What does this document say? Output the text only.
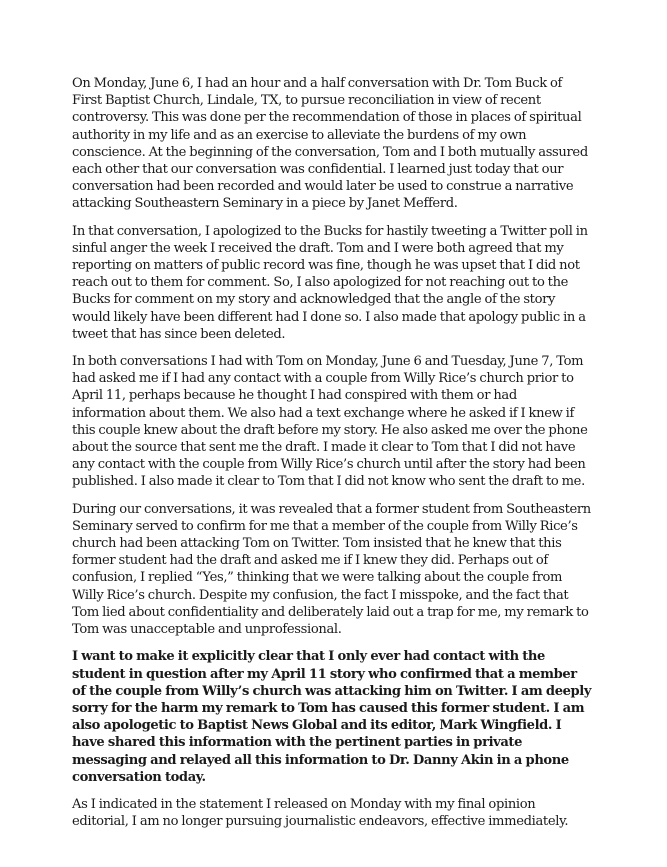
On Monday, June 6, I had an hour and a half conversation with Dr. Tom Buck of First Baptist Church, Lindale, TX, to pursue reconciliation in view of recent controversy. This was done per the recommendation of those in places of spiritual authority in my life and as an exercise to alleviate the burdens of my own conscience. At the beginning of the conversation, Tom and I both mutually assured each other that our conversation was confidential. I learned just today that our conversation had been recorded and would later be used to construe a narrative attacking Southeastern Seminary in a piece by Janet Mefferd.

In that conversation, I apologized to the Bucks for hastily tweeting a Twitter poll in sinful anger the week I received the draft. Tom and I were both agreed that my reporting on matters of public record was fine, though he was upset that I did not reach out to them for comment. So, I also apologized for not reaching out to the Bucks for comment on my story and acknowledged that the angle of the story would likely have been different had I done so. I also made that apology public in a tweet that has since been deleted.

In both conversations I had with Tom on Monday, June 6 and Tuesday, June 7, Tom had asked me if I had any contact with a couple from Willy Rice’s church prior to April 11, perhaps because he thought I had conspired with them or had information about them. We also had a text exchange where he asked if I knew if this couple knew about the draft before my story. He also asked me over the phone about the source that sent me the draft. I made it clear to Tom that I did not have any contact with the couple from Willy Rice’s church until after the story had been published. I also made it clear to Tom that I did not know who sent the draft to me.

During our conversations, it was revealed that a former student from Southeastern Seminary served to confirm for me that a member of the couple from Willy Rice’s church had been attacking Tom on Twitter. Tom insisted that he knew that this former student had the draft and asked me if I knew they did. Perhaps out of confusion, I replied “Yes,” thinking that we were talking about the couple from Willy Rice’s church. Despite my confusion, the fact I misspoke, and the fact that Tom lied about confidentiality and deliberately laid out a trap for me, my remark to Tom was unacceptable and unprofessional.

I want to make it explicitly clear that I only ever had contact with the student in question after my April 11 story who confirmed that a member of the couple from Willy’s church was attacking him on Twitter. I am deeply sorry for the harm my remark to Tom has caused this former student. I am also apologetic to Baptist News Global and its editor, Mark Wingfield. I have shared this information with the pertinent parties in private messaging and relayed all this information to Dr. Danny Akin in a phone conversation today.

As I indicated in the statement I released on Monday with my final opinion editorial, I am no longer pursuing journalistic endeavors, effective immediately.
